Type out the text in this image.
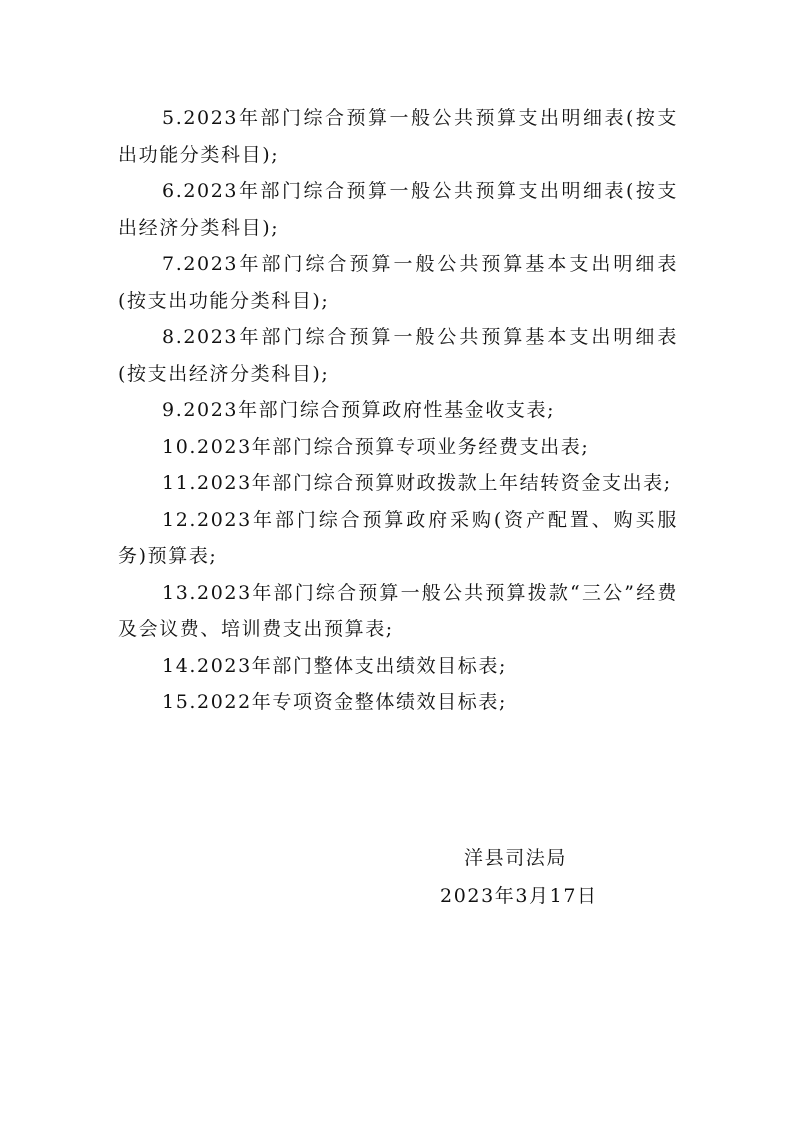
5.2023年部门综合预算一般公共预算支出明细表(按支出功能分类科目);

6.2023年部门综合预算一般公共预算支出明细表(按支出经济分类科目);

7.2023年部门综合预算一般公共预算基本支出明细表(按支出功能分类科目);

8.2023年部门综合预算一般公共预算基本支出明细表(按支出经济分类科目);

9.2023年部门综合预算政府性基金收支表;

10.2023年部门综合预算专项业务经费支出表;

11.2023年部门综合预算财政拨款上年结转资金支出表;

12.2023年部门综合预算政府采购(资产配置、购买服务)预算表;

13.2023年部门综合预算一般公共预算拨款“三公”经费及会议费、培训费支出预算表;

14.2023年部门整体支出绩效目标表;

15.2022年专项资金整体绩效目标表;

洋县司法局
2023年3月17日
